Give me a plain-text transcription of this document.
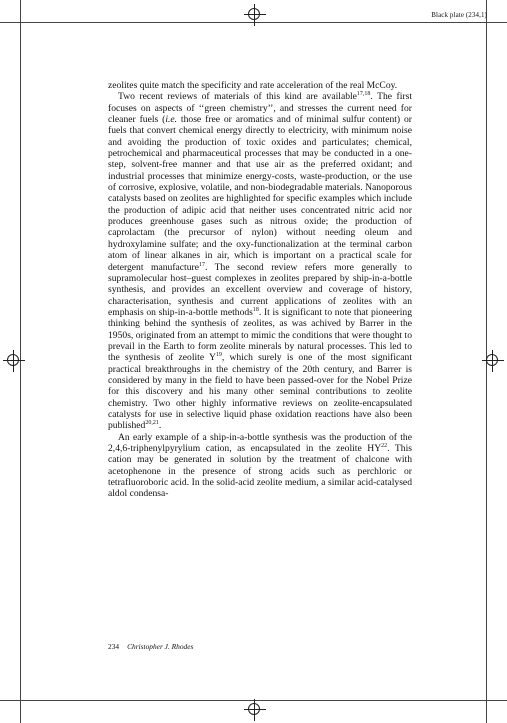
Black plate (234,1)

zeolites quite match the specificity and rate acceleration of the real McCoy.

Two recent reviews of materials of this kind are available$^{17,18}$. The first focuses on aspects of ‘‘green chemistry’’, and stresses the current need for cleaner fuels (i.e. those free or aromatics and of minimal sulfur content) or fuels that convert chemical energy directly to electricity, with minimum noise and avoiding the production of toxic oxides and particulates; chemical, petrochemical and pharmaceutical processes that may be conducted in a one-step, solvent-free manner and that use air as the preferred oxidant; and industrial processes that minimize energy-costs, waste-production, or the use of corrosive, explosive, volatile, and non-biodegradable materials. Nanoporous catalysts based on zeolites are highlighted for specific examples which include the production of adipic acid that neither uses concentrated nitric acid nor produces greenhouse gases such as nitrous oxide; the production of caprolactam (the precursor of nylon) without needing oleum and hydroxylamine sulfate; and the oxy-functionalization at the terminal carbon atom of linear alkanes in air, which is important on a practical scale for detergent manufacture$^{17}$. The second review refers more generally to supramolecular host–guest complexes in zeolites prepared by ship-in-a-bottle synthesis, and provides an excellent overview and coverage of history, characterisation, synthesis and current applications of zeolites with an emphasis on ship-in-a-bottle methods$^{18}$. It is significant to note that pioneering thinking behind the synthesis of zeolites, as was achived by Barrer in the 1950s, originated from an attempt to mimic the conditions that were thought to prevail in the Earth to form zeolite minerals by natural processes. This led to the synthesis of zeolite $Y^{19}$, which surely is one of the most significant practical breakthroughs in the chemistry of the 20th century, and Barrer is considered by many in the field to have been passed-over for the Nobel Prize for this discovery and his many other seminal contributions to zeolite chemistry. Two other highly informative reviews on zeolite-encapsulated catalysts for use in selective liquid phase oxidation reactions have also been published$^{20,21}$.

An early example of a ship-in-a-bottle synthesis was the production of the 2,4,6-triphenylpyrylium cation, as encapsulated in the zeolite HY$^{22}$. This cation may be generated in solution by the treatment of chalcone with acetophenone in the presence of strong acids such as perchloric or tetrafluoroboric acid. In the solid-acid zeolite medium, a similar acid-catalysed aldol condensa-

234 Christopher J. Rhodes
